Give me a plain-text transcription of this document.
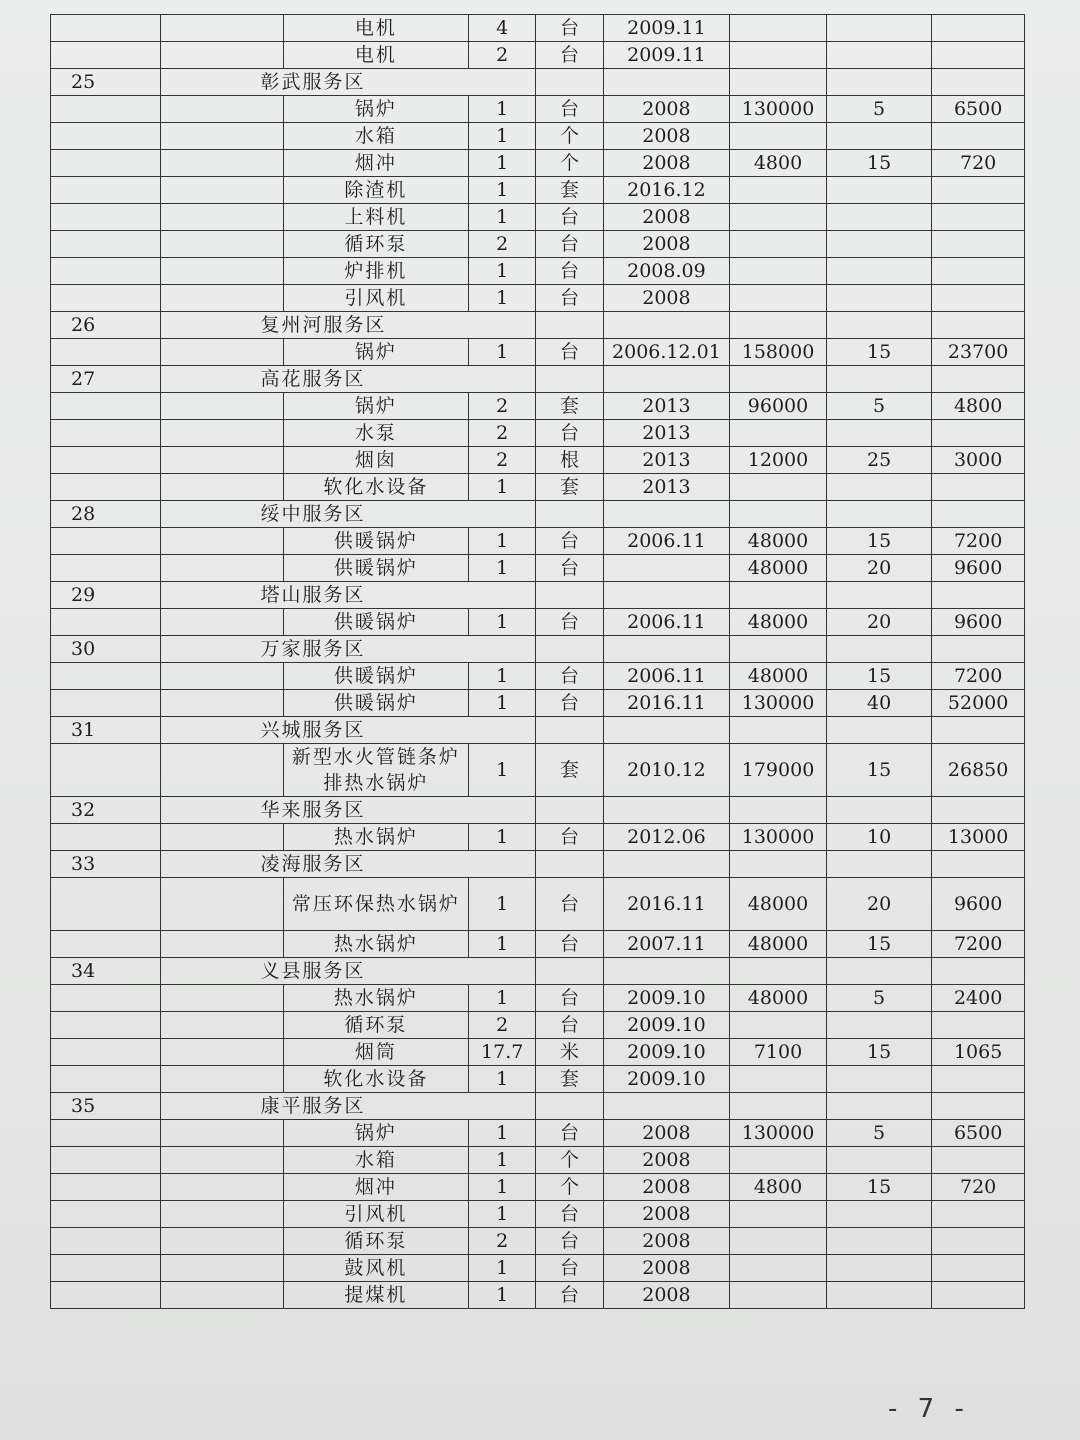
		电机	4	台	2009.11			
		电机	2	台	2009.11			
25	彰武服务区							
		锅炉	1	台	2008	130000	5	6500
		水箱	1	个	2008			
		烟冲	1	个	2008	4800	15	720
		除渣机	1	套	2016.12			
		上料机	1	台	2008			
		循环泵	2	台	2008			
		炉排机	1	台	2008.09			
		引风机	1	台	2008			
26	复州河服务区							
		锅炉	1	台	2006.12.01	158000	15	23700
27	高花服务区							
		锅炉	2	套	2013	96000	5	4800
		水泵	2	台	2013			
		烟囱	2	根	2013	12000	25	3000
		软化水设备	1	套	2013			
28	绥中服务区							
		供暖锅炉	1	台	2006.11	48000	15	7200
		供暖锅炉	1	台		48000	20	9600
29	塔山服务区							
		供暖锅炉	1	台	2006.11	48000	20	9600
30	万家服务区							
		供暖锅炉	1	台	2006.11	48000	15	7200
		供暖锅炉	1	台	2016.11	130000	40	52000
31	兴城服务区							
		新型水火管链条炉排热水锅炉	1	套	2010.12	179000	15	26850
32	华来服务区							
		热水锅炉	1	台	2012.06	130000	10	13000
33	凌海服务区							
		常压环保热水锅炉	1	台	2016.11	48000	20	9600
		热水锅炉	1	台	2007.11	48000	15	7200
34	义县服务区							
		热水锅炉	1	台	2009.10	48000	5	2400
		循环泵	2	台	2009.10			
		烟筒	17.7	米	2009.10	7100	15	1065
		软化水设备	1	套	2009.10			
35	康平服务区							
		锅炉	1	台	2008	130000	5	6500
		水箱	1	个	2008			
		烟冲	1	个	2008	4800	15	720
		引风机	1	台	2008			
		循环泵	2	台	2008			
		鼓风机	1	台	2008			
		提煤机	1	台	2008			
- 7 -
